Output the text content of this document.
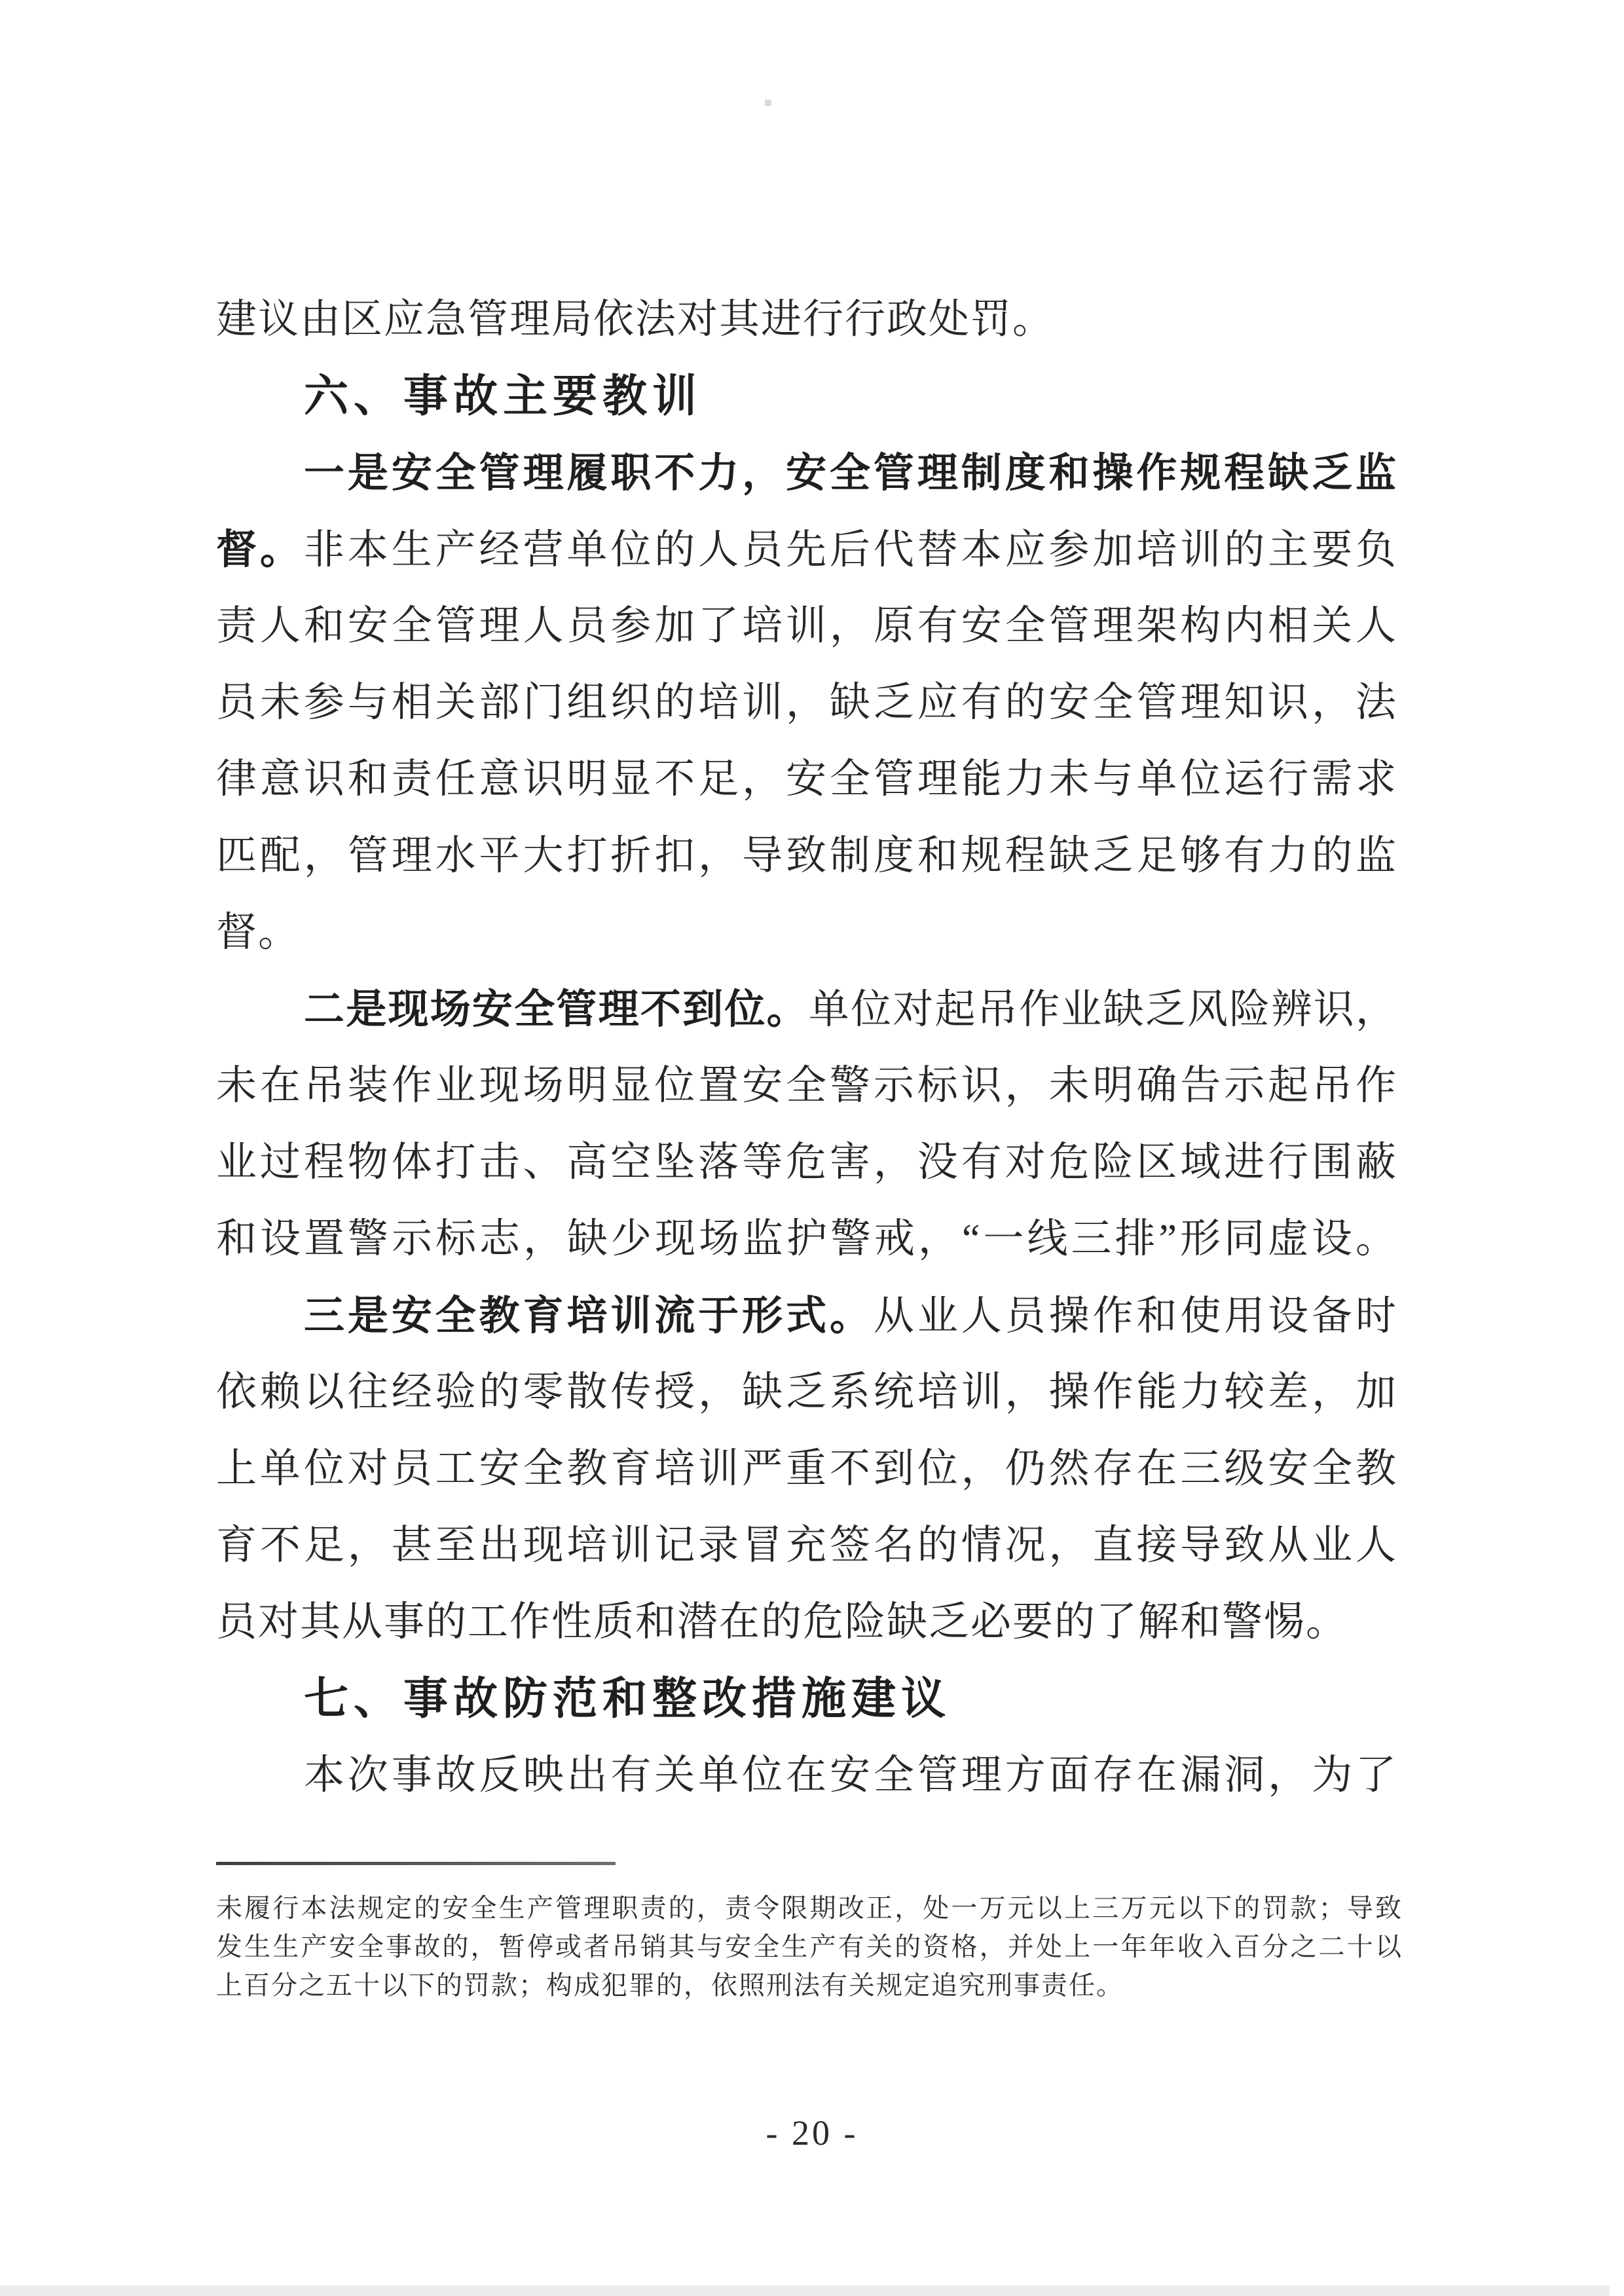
建议由区应急管理局依法对其进行行政处罚。
六、事故主要教训
一是安全管理履职不力，安全管理制度和操作规程缺乏监
督。非本生产经营单位的人员先后代替本应参加培训的主要负
责人和安全管理人员参加了培训，原有安全管理架构内相关人
员未参与相关部门组织的培训，缺乏应有的安全管理知识，法
律意识和责任意识明显不足，安全管理能力未与单位运行需求
匹配，管理水平大打折扣，导致制度和规程缺乏足够有力的监
督。
二是现场安全管理不到位。单位对起吊作业缺乏风险辨识，
未在吊装作业现场明显位置安全警示标识，未明确告示起吊作
业过程物体打击、高空坠落等危害，没有对危险区域进行围蔽
和设置警示标志，缺少现场监护警戒，“一线三排”形同虚设。
三是安全教育培训流于形式。从业人员操作和使用设备时
依赖以往经验的零散传授，缺乏系统培训，操作能力较差，加
上单位对员工安全教育培训严重不到位，仍然存在三级安全教
育不足，甚至出现培训记录冒充签名的情况，直接导致从业人
员对其从事的工作性质和潜在的危险缺乏必要的了解和警惕。
七、事故防范和整改措施建议
本次事故反映出有关单位在安全管理方面存在漏洞，为了
未履行本法规定的安全生产管理职责的，责令限期改正，处一万元以上三万元以下的罚款；导致
发生生产安全事故的，暂停或者吊销其与安全生产有关的资格，并处上一年年收入百分之二十以
上百分之五十以下的罚款；构成犯罪的，依照刑法有关规定追究刑事责任。
- 20 -
